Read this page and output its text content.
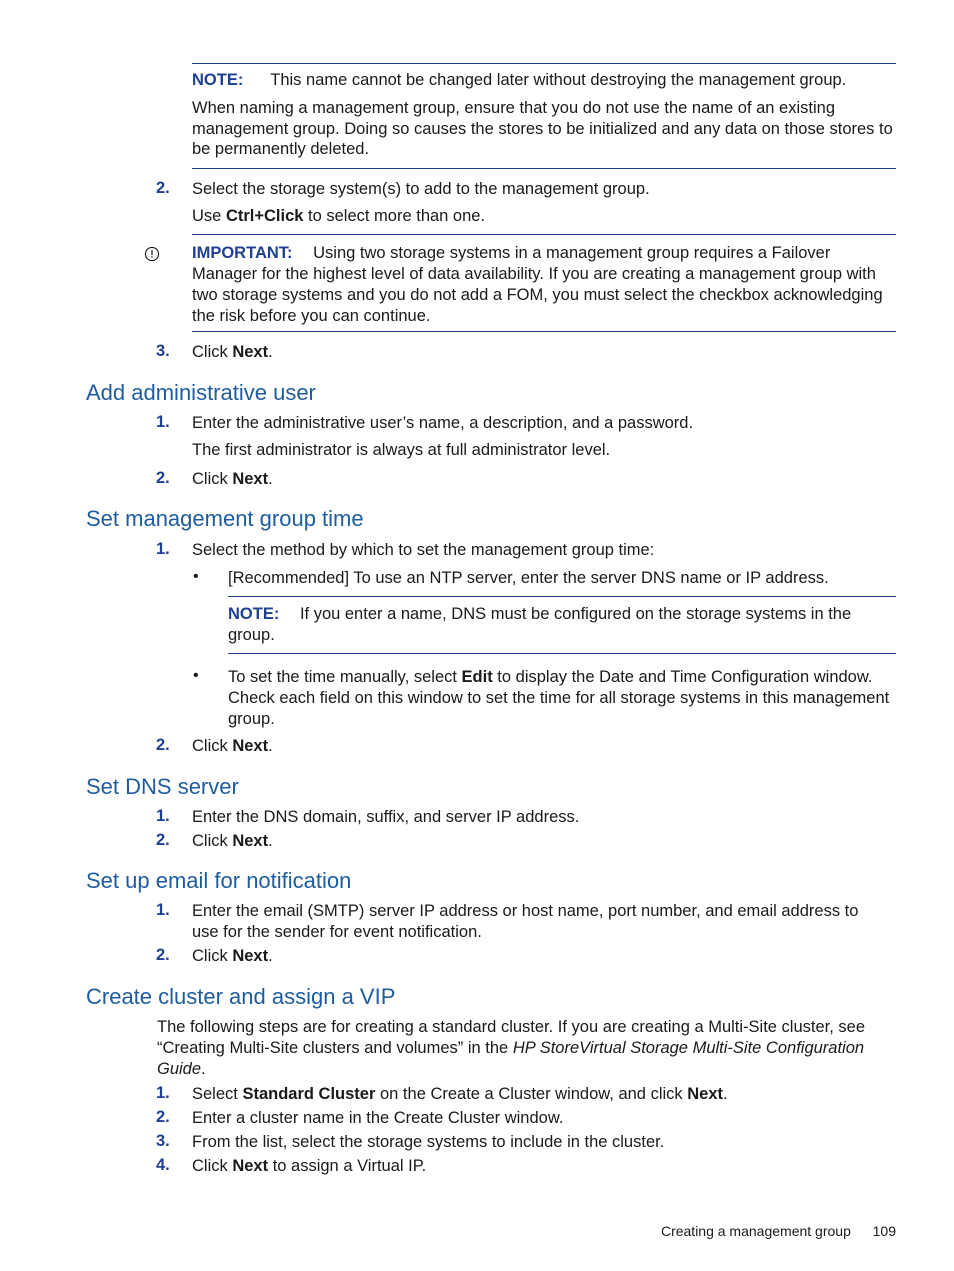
NOTE: This name cannot be changed later without destroying the management group.
When naming a management group, ensure that you do not use the name of an existing management group. Doing so causes the stores to be initialized and any data on those stores to be permanently deleted.
2.	Select the storage system(s) to add to the management group.
Use Ctrl+Click to select more than one.
IMPORTANT: Using two storage systems in a management group requires a Failover Manager for the highest level of data availability. If you are creating a management group with two storage systems and you do not add a FOM, you must select the checkbox acknowledging the risk before you can continue.
3.	Click Next.
Add administrative user
1.	Enter the administrative user’s name, a description, and a password.
The first administrator is always at full administrator level.
2.	Click Next.
Set management group time
1.	Select the method by which to set the management group time:
• [Recommended] To use an NTP server, enter the server DNS name or IP address.
NOTE: If you enter a name, DNS must be configured on the storage systems in the group.
• To set the time manually, select Edit to display the Date and Time Configuration window. Check each field on this window to set the time for all storage systems in this management group.
2.	Click Next.
Set DNS server
1.	Enter the DNS domain, suffix, and server IP address.
2.	Click Next.
Set up email for notification
1.	Enter the email (SMTP) server IP address or host name, port number, and email address to use for the sender for event notification.
2.	Click Next.
Create cluster and assign a VIP
The following steps are for creating a standard cluster. If you are creating a Multi-Site cluster, see “Creating Multi-Site clusters and volumes” in the HP StoreVirtual Storage Multi-Site Configuration Guide.
1.	Select Standard Cluster on the Create a Cluster window, and click Next.
2.	Enter a cluster name in the Create Cluster window.
3.	From the list, select the storage systems to include in the cluster.
4.	Click Next to assign a Virtual IP.
Creating a management group 109
